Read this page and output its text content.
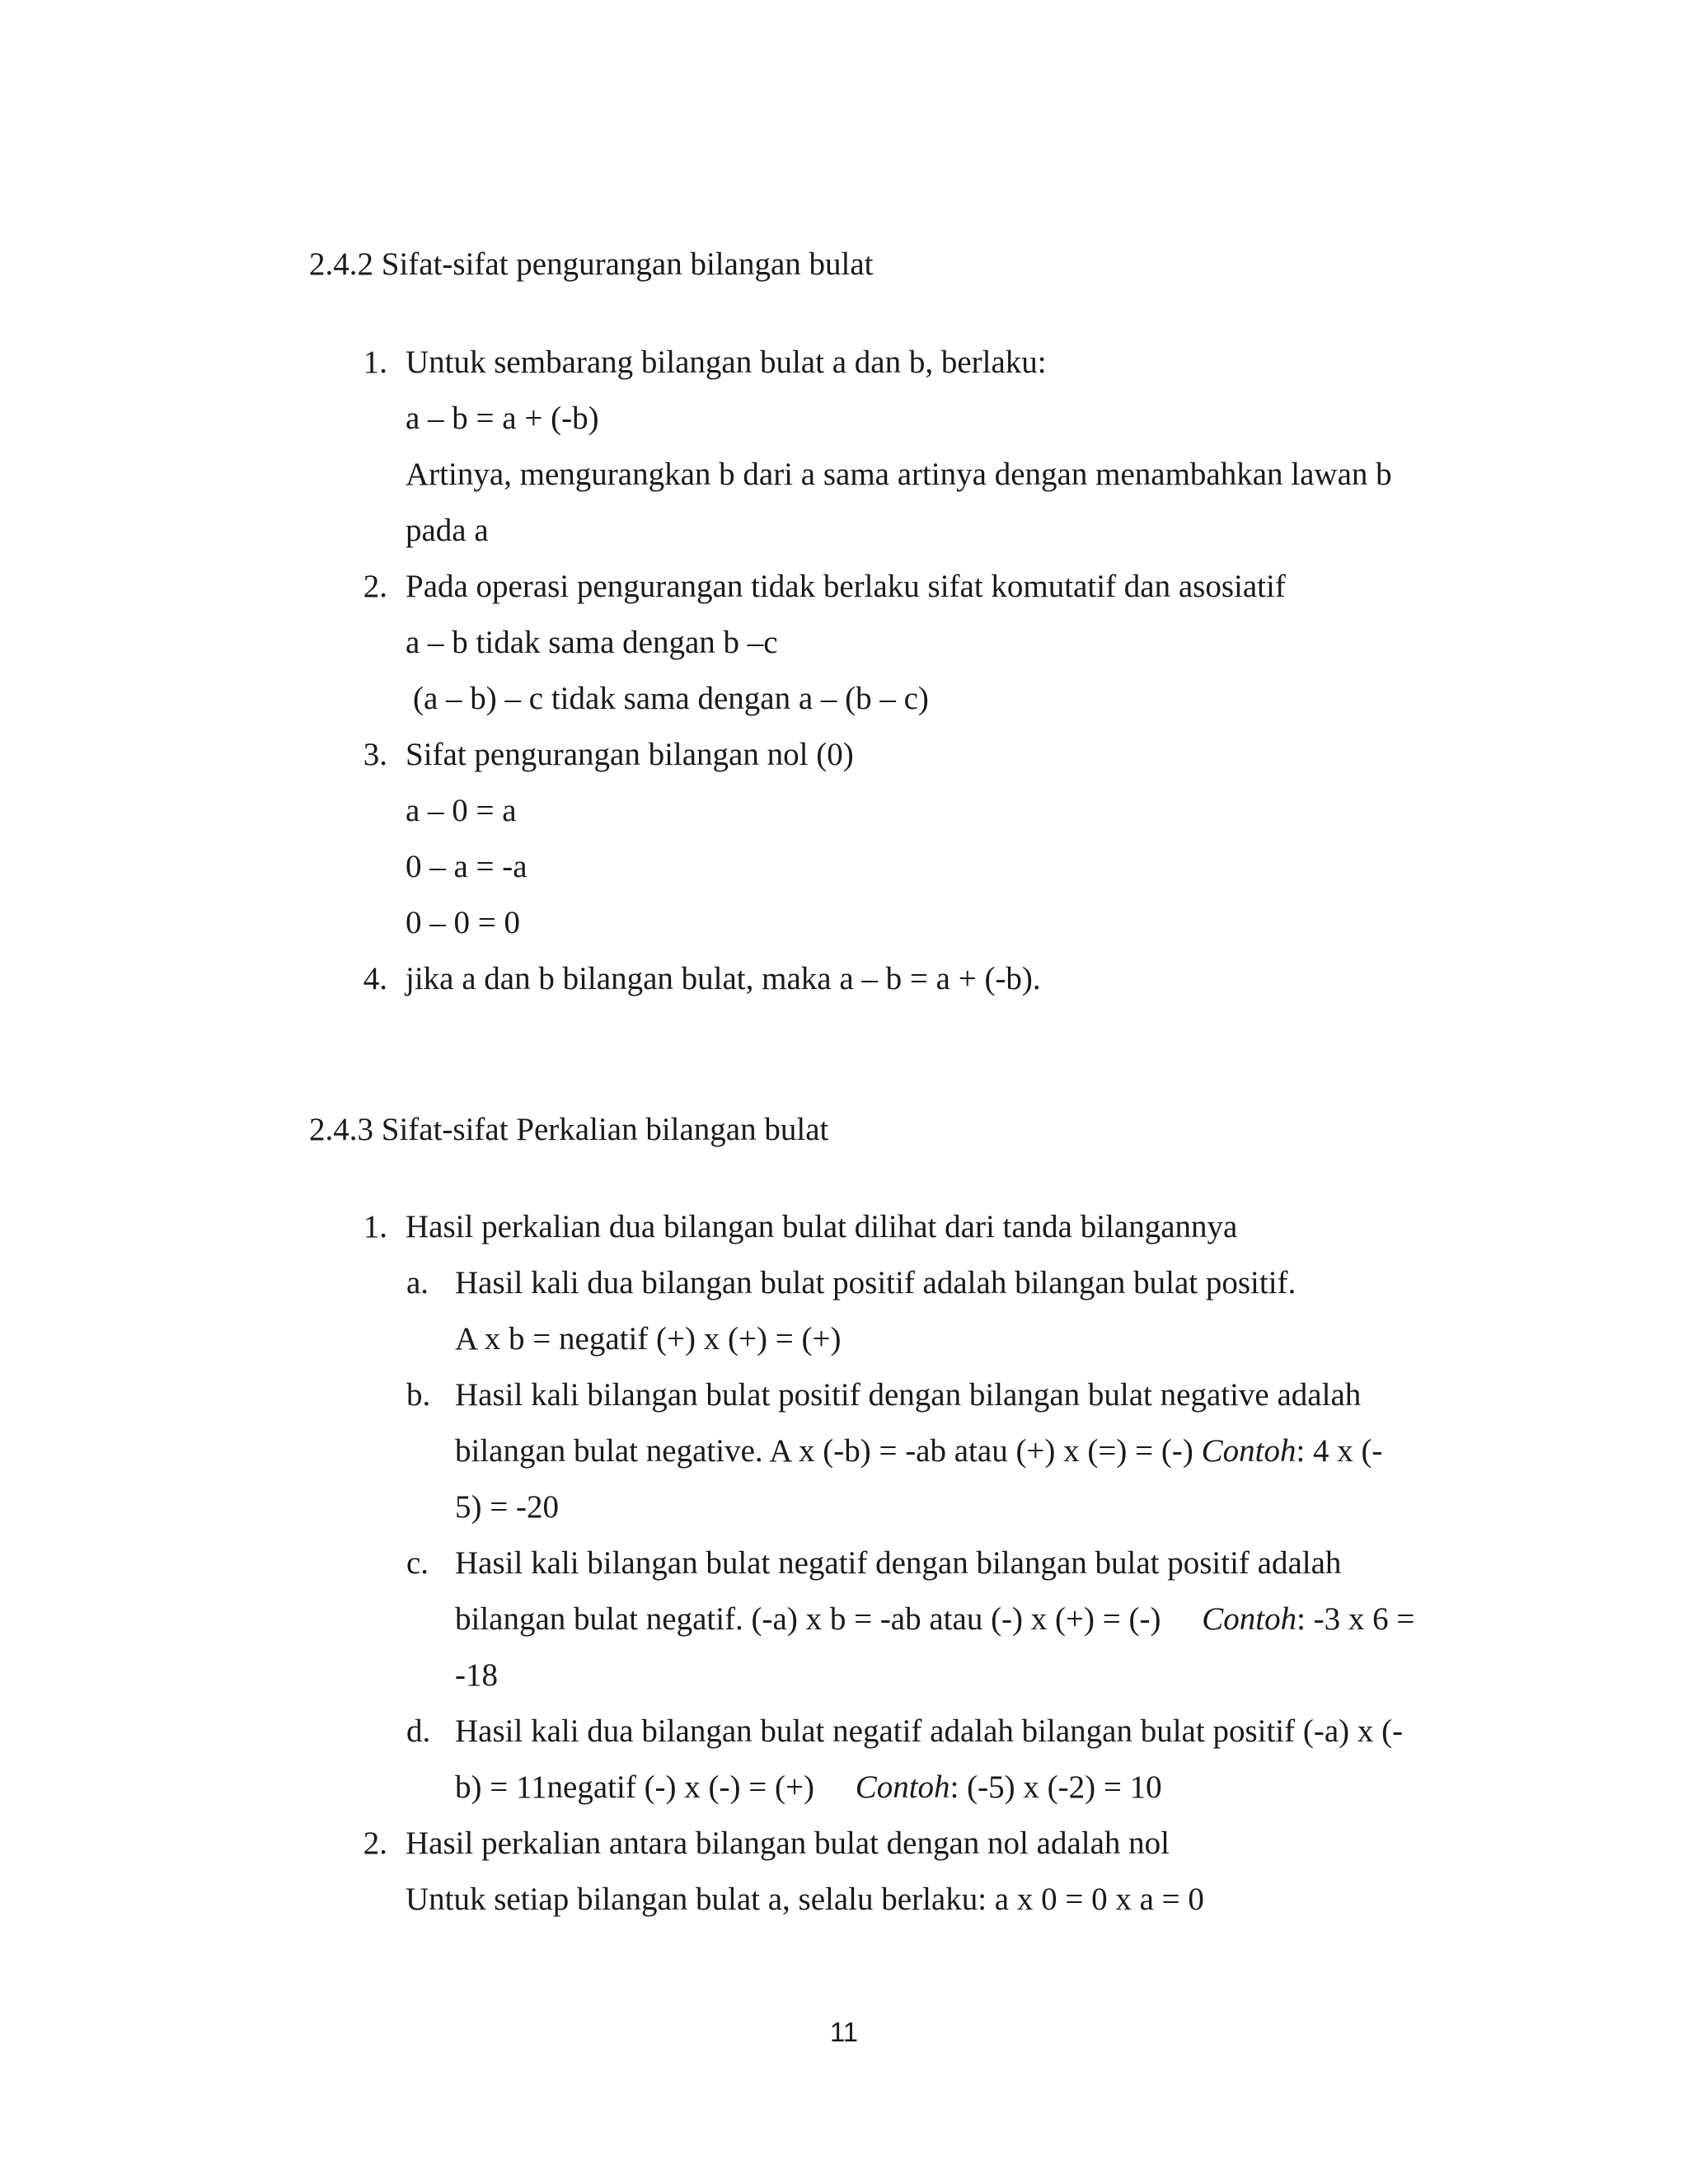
2.4.2 Sifat-sifat pengurangan bilangan bulat
1. Untuk sembarang bilangan bulat a dan b, berlaku:
a – b = a + (-b)
Artinya, mengurangkan b dari a sama artinya dengan menambahkan lawan b
pada a
2. Pada operasi pengurangan tidak berlaku sifat komutatif dan asosiatif
a – b tidak sama dengan b –c
(a – b) – c tidak sama dengan a – (b – c)
3. Sifat pengurangan bilangan nol (0)
a – 0 = a
0 – a = -a
0 – 0 = 0
4. jika a dan b bilangan bulat, maka a – b = a + (-b).
2.4.3 Sifat-sifat Perkalian bilangan bulat
1. Hasil perkalian dua bilangan bulat dilihat dari tanda bilangannya
a. Hasil kali dua bilangan bulat positif adalah bilangan bulat positif.
A x b = negatif (+) x (+) = (+)
b. Hasil kali bilangan bulat positif dengan bilangan bulat negative adalah
bilangan bulat negative. A x (-b) = -ab atau (+) x (=) = (-) Contoh: 4 x (-
5) = -20
c. Hasil kali bilangan bulat negatif dengan bilangan bulat positif adalah
bilangan bulat negatif. (-a) x b = -ab atau (-) x (+) = (-) Contoh: -3 x 6 =
-18
d. Hasil kali dua bilangan bulat negatif adalah bilangan bulat positif (-a) x (-
b) = 11negatif (-) x (-) = (+) Contoh: (-5) x (-2) = 10
2. Hasil perkalian antara bilangan bulat dengan nol adalah nol
Untuk setiap bilangan bulat a, selalu berlaku: a x 0 = 0 x a = 0
11
